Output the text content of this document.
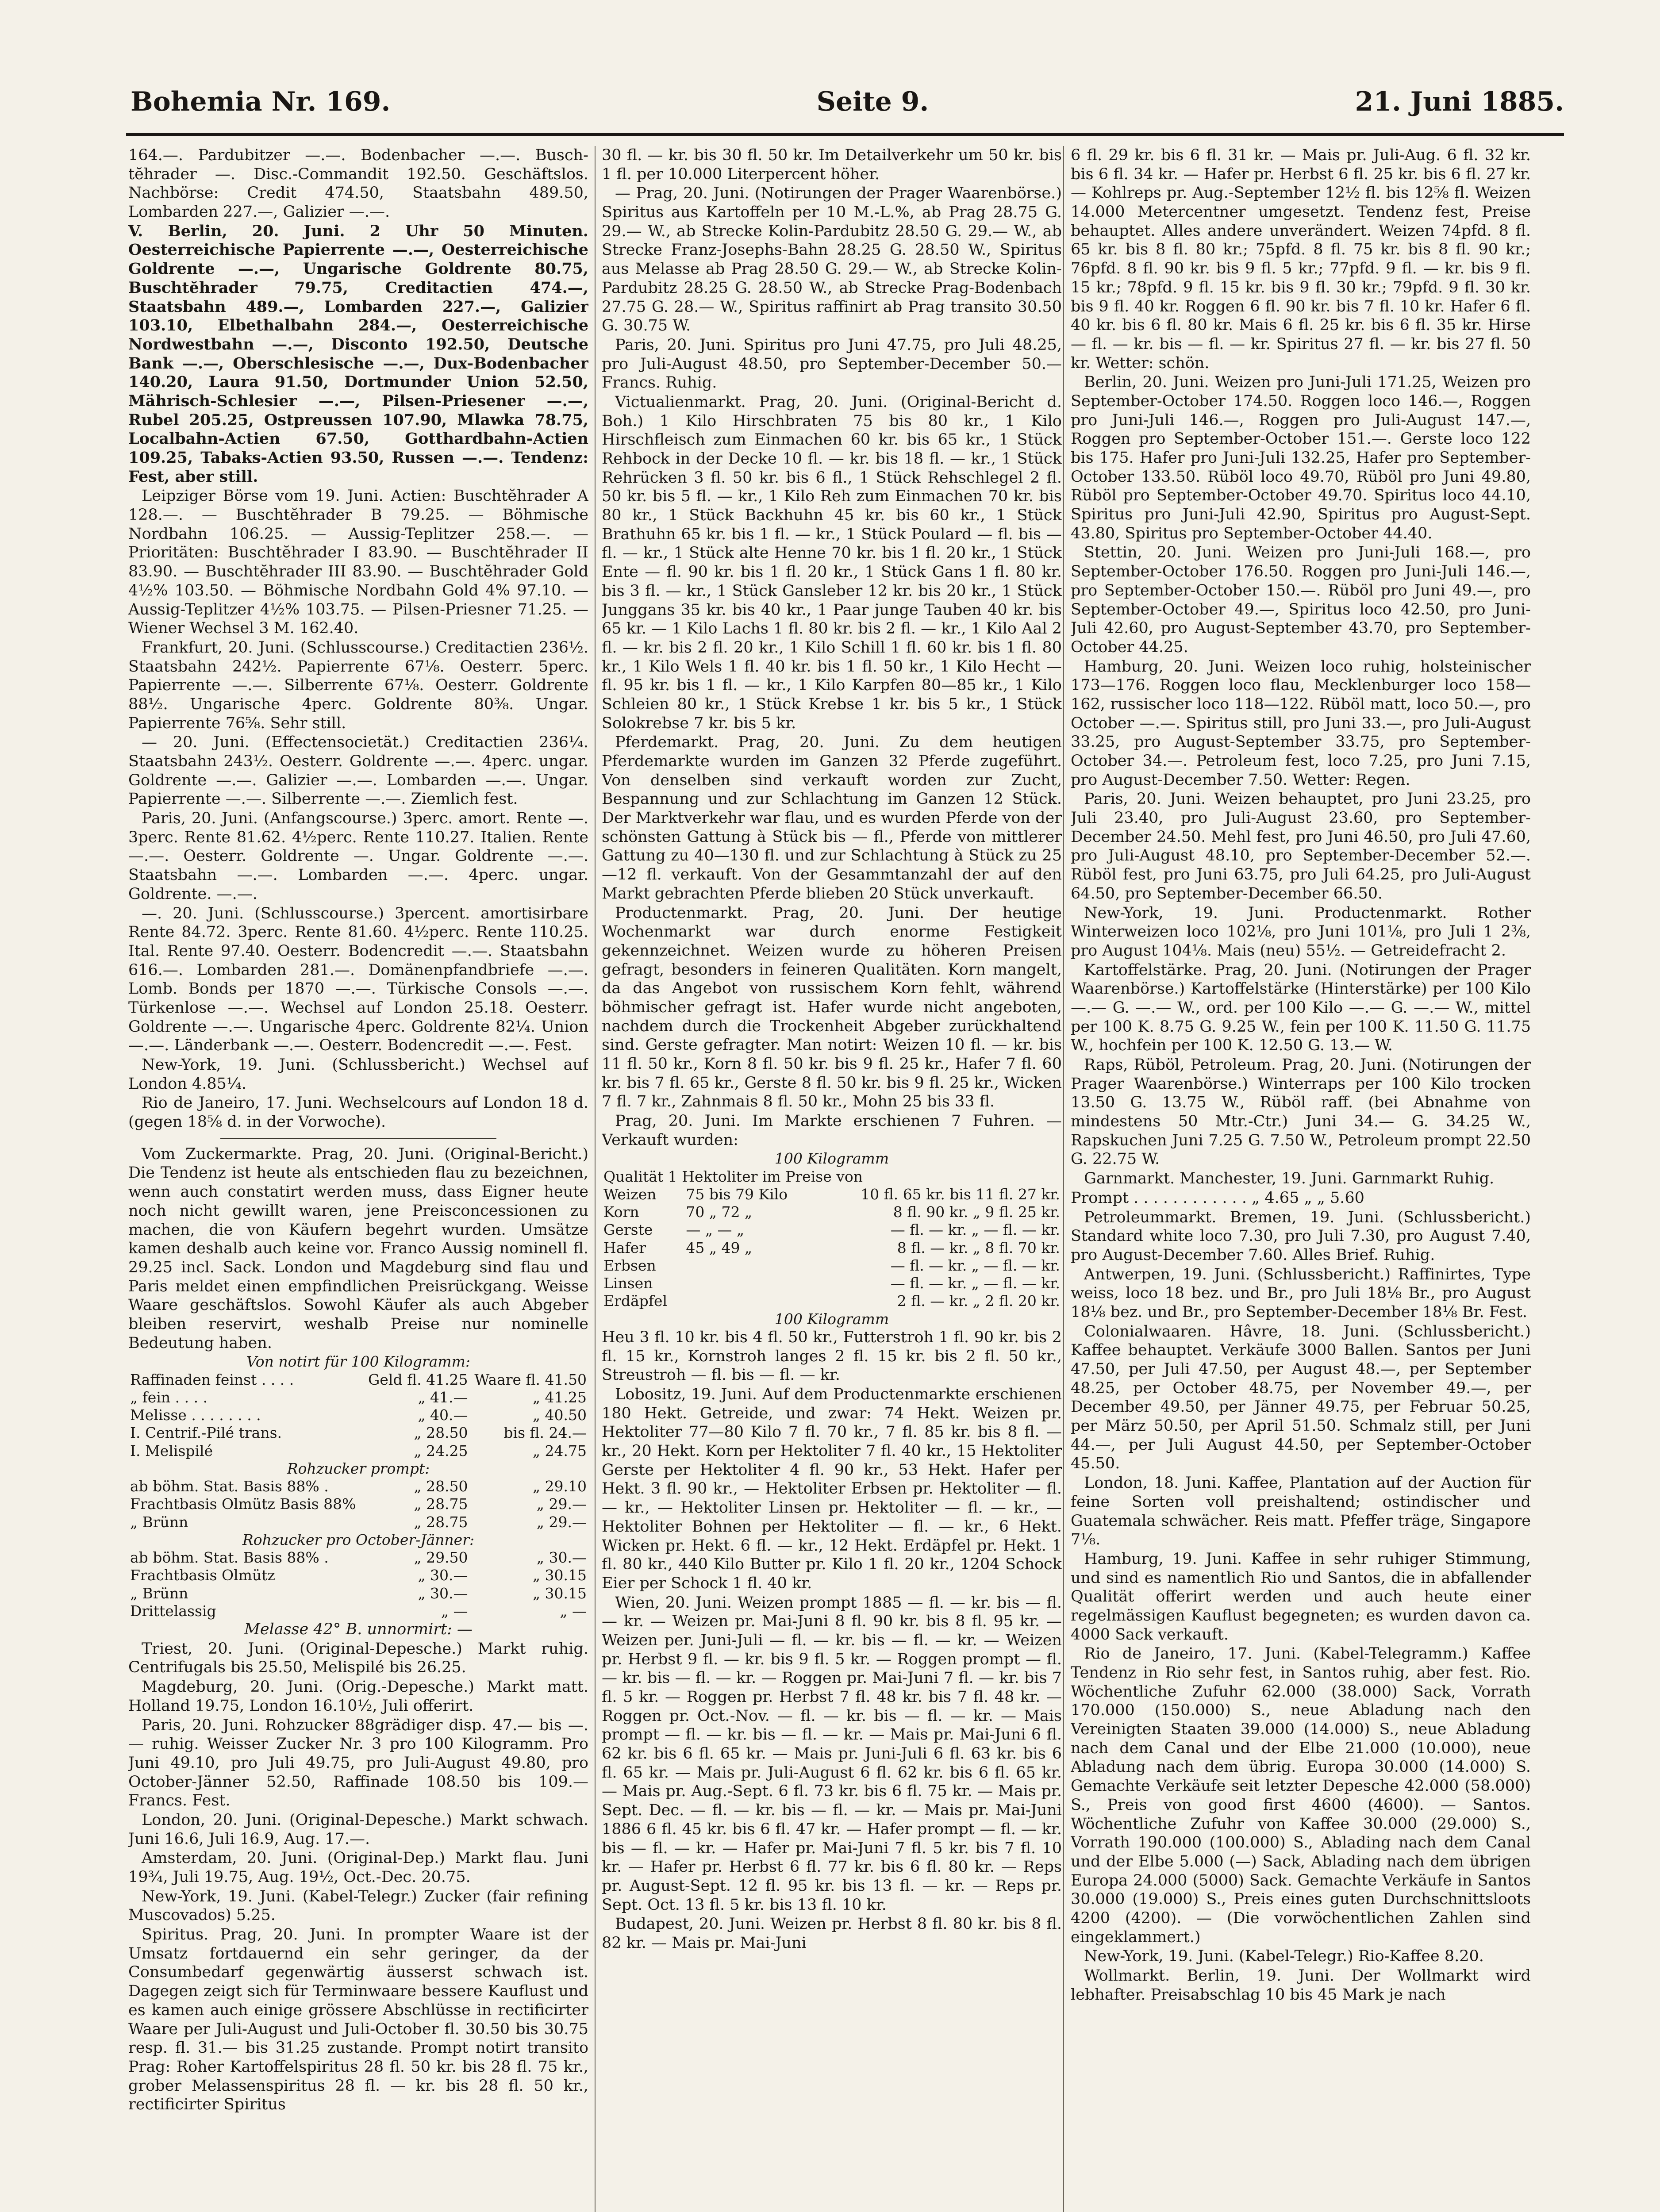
Bohemia Nr. 169.	Seite 9.	21. Juni 1885.

164.—. Pardubitzer —.—. Bodenbacher —.—. Busch-tĕhrader —. Disc.-Commandit 192.50. Geschäftslos. Nachbörse: Credit 474.50, Staatsbahn 489.50, Lombarden 227.—, Galizier —.—.

V. Berlin, 20. Juni. 2 Uhr 50 Minuten. Oesterreichische Papierrente —.—, Oesterreichische Goldrente —.—, Ungarische Goldrente 80.75, Buschtĕhrader 79.75, Creditactien 474.—, Staatsbahn 489.—, Lombarden 227.—, Galizier 103.10, Elbethalbahn 284.—, Oesterreichische Nordwestbahn —.—, Disconto 192.50, Deutsche Bank —.—, Oberschlesische —.—, Dux-Bodenbacher 140.20, Laura 91.50, Dortmunder Union 52.50, Mährisch-Schlesier —.—, Pilsen-Priesener —.—, Rubel 205.25, Ostpreussen 107.90, Mlawka 78.75, Localbahn-Actien 67.50, Gotthardbahn-Actien 109.25, Tabaks-Actien 93.50, Russen —.—. Tendenz: Fest, aber still.

Leipziger Börse vom 19. Juni. Actien: Buschtĕhrader A 128.—. — Buschtĕhrader B 79.25. — Böhmische Nordbahn 106.25. — Aussig-Teplitzer 258.—. — Prioritäten: Buschtĕhrader I 83.90. — Buschtĕhrader II 83.90. — Buschtĕhrader III 83.90. — Buschtĕhrader Gold 4½% 103.50. — Böhmische Nordbahn Gold 4% 97.10. — Aussig-Teplitzer 4½% 103.75. — Pilsen-Priesner 71.25. — Wiener Wechsel 3 M. 162.40.

Frankfurt, 20. Juni. (Schlusscourse.) Creditactien 236½. Staatsbahn 242½. Papierrente 67⅛. Oesterr. 5perc. Papierrente —.—. Silberrente 67⅛. Oesterr. Goldrente 88½. Ungarische 4perc. Goldrente 80⅜. Ungar. Papierrente 76⅝. Sehr still.

— 20. Juni. (Effectensocietät.) Creditactien 236¼. Staatsbahn 243½. Oesterr. Goldrente —.—. 4perc. ungar. Goldrente —.—. Galizier —.—. Lombarden —.—. Ungar. Papierrente —.—. Silberrente —.—. Ziemlich fest.

Paris, 20. Juni. (Anfangscourse.) 3perc. amort. Rente —. 3perc. Rente 81.62. 4½perc. Rente 110.27. Italien. Rente —.—. Oesterr. Goldrente —. Ungar. Goldrente —.—. Staatsbahn —.—. Lombarden —.—. 4perc. ungar. Goldrente. —.—.

—. 20. Juni. (Schlusscourse.) 3percent. amortisirbare Rente 84.72. 3perc. Rente 81.60. 4½perc. Rente 110.25. Ital. Rente 97.40. Oesterr. Bodencredit —.—. Staatsbahn 616.—. Lombarden 281.—. Domänenpfandbriefe —.—. Lomb. Bonds per 1870 —.—. Türkische Consols —.—. Türkenlose —.—. Wechsel auf London 25.18. Oesterr. Goldrente —.—. Ungarische 4perc. Goldrente 82¼. Union —.—. Länderbank —.—. Oesterr. Bodencredit —.—. Fest.

New-York, 19. Juni. (Schlussbericht.) Wechsel auf London 4.85¼.

Rio de Janeiro, 17. Juni. Wechselcours auf London 18 d. (gegen 18⅝ d. in der Vorwoche).

Vom Zuckermarkte. Prag, 20. Juni. (Original-Bericht.) Die Tendenz ist heute als entschieden flau zu bezeichnen, wenn auch constatirt werden muss, dass Eigner heute noch nicht gewillt waren, jene Preisconcessionen zu machen, die von Käufern begehrt wurden. Umsätze kamen deshalb auch keine vor. Franco Aussig nominell fl. 29.25 incl. Sack. London und Magdeburg sind flau und Paris meldet einen empfindlichen Preisrückgang. Weisse Waare geschäftslos. Sowohl Käufer als auch Abgeber bleiben reservirt, weshalb Preise nur nominelle Bedeutung haben.

Von notirt für 100 Kilogramm:		
Raffinaden feinst . . . .	Geld fl. 41.25	Waare fl. 41.50
„ fein . . . .	„ 41.—	„ 41.25
Melisse . . . . . . . .	„ 40.—	„ 40.50
I. Centrif.-Pilé trans.	„ 28.50	bis fl. 24.—
I. Melispilé	„ 24.25	„ 24.75
Rohzucker prompt:		
ab böhm. Stat. Basis 88% .	„ 28.50	„ 29.10
Frachtbasis Olmütz Basis 88%	„ 28.75	„ 29.—
„ Brünn	„ 28.75	„ 29.—
Rohzucker pro October-Jänner:		
ab böhm. Stat. Basis 88% .	„ 29.50	„ 30.—
Frachtbasis Olmütz	„ 30.—	„ 30.15
„ Brünn	„ 30.—	„ 30.15
Drittelassig	„ —	„ —

Melasse 42° B. unnormirt: —

Triest, 20. Juni. (Original-Depesche.) Markt ruhig. Centrifugals bis 25.50, Melispilé bis 26.25.

Magdeburg, 20. Juni. (Orig.-Depesche.) Markt matt. Holland 19.75, London 16.10½, Juli offerirt.

Paris, 20. Juni. Rohzucker 88grädiger disp. 47.— bis —. — ruhig. Weisser Zucker Nr. 3 pro 100 Kilogramm. Pro Juni 49.10, pro Juli 49.75, pro Juli-August 49.80, pro October-Jänner 52.50, Raffinade 108.50 bis 109.— Francs. Fest.

London, 20. Juni. (Original-Depesche.) Markt schwach. Juni 16.6, Juli 16.9, Aug. 17.—.

Amsterdam, 20. Juni. (Original-Dep.) Markt flau. Juni 19¾, Juli 19.75, Aug. 19½, Oct.-Dec. 20.75.

New-York, 19. Juni. (Kabel-Telegr.) Zucker (fair refining Muscovados) 5.25.

Spiritus. Prag, 20. Juni. In prompter Waare ist der Umsatz fortdauernd ein sehr geringer, da der Consumbedarf gegenwärtig äusserst schwach ist. Dagegen zeigt sich für Terminwaare bessere Kauflust und es kamen auch einige grössere Abschlüsse in rectificirter Waare per Juli-August und Juli-October fl. 30.50 bis 30.75 resp. fl. 31.— bis 31.25 zustande. Prompt notirt transito Prag: Roher Kartoffelspiritus 28 fl. 50 kr. bis 28 fl. 75 kr., grober Melassenspiritus 28 fl. — kr. bis 28 fl. 50 kr., rectificirter Spiritus

30 fl. — kr. bis 30 fl. 50 kr. Im Detailverkehr um 50 kr. bis 1 fl. per 10.000 Literpercent höher.

— Prag, 20. Juni. (Notirungen der Prager Waarenbörse.) Spiritus aus Kartoffeln per 10 M.-L.%, ab Prag 28.75 G. 29.— W., ab Strecke Kolin-Pardubitz 28.50 G. 29.— W., ab Strecke Franz-Josephs-Bahn 28.25 G. 28.50 W., Spiritus aus Melasse ab Prag 28.50 G. 29.— W., ab Strecke Kolin-Pardubitz 28.25 G. 28.50 W., ab Strecke Prag-Bodenbach 27.75 G. 28.— W., Spiritus raffinirt ab Prag transito 30.50 G. 30.75 W.

Paris, 20. Juni. Spiritus pro Juni 47.75, pro Juli 48.25, pro Juli-August 48.50, pro September-December 50.— Francs. Ruhig.

Victualienmarkt. Prag, 20. Juni. (Original-Bericht d. Boh.) 1 Kilo Hirschbraten 75 bis 80 kr., 1 Kilo Hirschfleisch zum Einmachen 60 kr. bis 65 kr., 1 Stück Rehbock in der Decke 10 fl. — kr. bis 18 fl. — kr., 1 Stück Rehrücken 3 fl. 50 kr. bis 6 fl., 1 Stück Rehschlegel 2 fl. 50 kr. bis 5 fl. — kr., 1 Kilo Reh zum Einmachen 70 kr. bis 80 kr., 1 Stück Backhuhn 45 kr. bis 60 kr., 1 Stück Brathuhn 65 kr. bis 1 fl. — kr., 1 Stück Poulard — fl. bis — fl. — kr., 1 Stück alte Henne 70 kr. bis 1 fl. 20 kr., 1 Stück Ente — fl. 90 kr. bis 1 fl. 20 kr., 1 Stück Gans 1 fl. 80 kr. bis 3 fl. — kr., 1 Stück Gansleber 12 kr. bis 20 kr., 1 Stück Junggans 35 kr. bis 40 kr., 1 Paar junge Tauben 40 kr. bis 65 kr. — 1 Kilo Lachs 1 fl. 80 kr. bis 2 fl. — kr., 1 Kilo Aal 2 fl. — kr. bis 2 fl. 20 kr., 1 Kilo Schill 1 fl. 60 kr. bis 1 fl. 80 kr., 1 Kilo Wels 1 fl. 40 kr. bis 1 fl. 50 kr., 1 Kilo Hecht — fl. 95 kr. bis 1 fl. — kr., 1 Kilo Karpfen 80—85 kr., 1 Kilo Schleien 80 kr., 1 Stück Krebse 1 kr. bis 5 kr., 1 Stück Solokrebse 7 kr. bis 5 kr.

Pferdemarkt. Prag, 20. Juni. Zu dem heutigen Pferdemarkte wurden im Ganzen 32 Pferde zugeführt. Von denselben sind verkauft worden zur Zucht, Bespannung und zur Schlachtung im Ganzen 12 Stück. Der Marktverkehr war flau, und es wurden Pferde von der schönsten Gattung à Stück bis — fl., Pferde von mittlerer Gattung zu 40—130 fl. und zur Schlachtung à Stück zu 25—12 fl. verkauft. Von der Gesammtanzahl der auf den Markt gebrachten Pferde blieben 20 Stück unverkauft.

Productenmarkt. Prag, 20. Juni. Der heutige Wochenmarkt war durch enorme Festigkeit gekennzeichnet. Weizen wurde zu höheren Preisen gefragt, besonders in feineren Qualitäten. Korn mangelt, da das Angebot von russischem Korn fehlt, während böhmischer gefragt ist. Hafer wurde nicht angeboten, nachdem durch die Trockenheit Abgeber zurückhaltend sind. Gerste gefragter. Man notirt: Weizen 10 fl. — kr. bis 11 fl. 50 kr., Korn 8 fl. 50 kr. bis 9 fl. 25 kr., Hafer 7 fl. 60 kr. bis 7 fl. 65 kr., Gerste 8 fl. 50 kr. bis 9 fl. 25 kr., Wicken 7 fl. 7 kr., Zahnmais 8 fl. 50 kr., Mohn 25 bis 33 fl.

Prag, 20. Juni. Im Markte erschienen 7 Fuhren. — Verkauft wurden:

100 Kilogramm		
Qualität 1 Hektoliter im Preise von		
Weizen	75 bis 79 Kilo	10 fl. 65 kr. bis 11 fl. 27 kr.
Korn	70 „ 72 „	8 fl. 90 kr. „ 9 fl. 25 kr.
Gerste	— „ — „	— fl. — kr. „ — fl. — kr.
Hafer	45 „ 49 „	8 fl. — kr. „ 8 fl. 70 kr.
Erbsen		— fl. — kr. „ — fl. — kr.
Linsen		— fl. — kr. „ — fl. — kr.
Erdäpfel		2 fl. — kr. „ 2 fl. 20 kr.
100 Kilogramm		

Heu 3 fl. 10 kr. bis 4 fl. 50 kr., Futterstroh 1 fl. 90 kr. bis 2 fl. 15 kr., Kornstroh langes 2 fl. 15 kr. bis 2 fl. 50 kr., Streustroh — fl. bis — fl. — kr.

Lobositz, 19. Juni. Auf dem Productenmarkte erschienen 180 Hekt. Getreide, und zwar: 74 Hekt. Weizen pr. Hektoliter 77—80 Kilo 7 fl. 70 kr., 7 fl. 85 kr. bis 8 fl. — kr., 20 Hekt. Korn per Hektoliter 7 fl. 40 kr., 15 Hektoliter Gerste per Hektoliter 4 fl. 90 kr., 53 Hekt. Hafer per Hekt. 3 fl. 90 kr., — Hektoliter Erbsen pr. Hektoliter — fl. — kr., — Hektoliter Linsen pr. Hektoliter — fl. — kr., — Hektoliter Bohnen per Hektoliter — fl. — kr., 6 Hekt. Wicken pr. Hekt. 6 fl. — kr., 12 Hekt. Erdäpfel pr. Hekt. 1 fl. 80 kr., 440 Kilo Butter pr. Kilo 1 fl. 20 kr., 1204 Schock Eier per Schock 1 fl. 40 kr.

Wien, 20. Juni. Weizen prompt 1885 — fl. — kr. bis — fl. — kr. — Weizen pr. Mai-Juni 8 fl. 90 kr. bis 8 fl. 95 kr. — Weizen per. Juni-Juli — fl. — kr. bis — fl. — kr. — Weizen pr. Herbst 9 fl. — kr. bis 9 fl. 5 kr. — Roggen prompt — fl. — kr. bis — fl. — kr. — Roggen pr. Mai-Juni 7 fl. — kr. bis 7 fl. 5 kr. — Roggen pr. Herbst 7 fl. 48 kr. bis 7 fl. 48 kr. — Roggen pr. Oct.-Nov. — fl. — kr. bis — fl. — kr. — Mais prompt — fl. — kr. bis — fl. — kr. — Mais pr. Mai-Juni 6 fl. 62 kr. bis 6 fl. 65 kr. — Mais pr. Juni-Juli 6 fl. 63 kr. bis 6 fl. 65 kr. — Mais pr. Juli-August 6 fl. 62 kr. bis 6 fl. 65 kr. — Mais pr. Aug.-Sept. 6 fl. 73 kr. bis 6 fl. 75 kr. — Mais pr. Sept. Dec. — fl. — kr. bis — fl. — kr. — Mais pr. Mai-Juni 1886 6 fl. 45 kr. bis 6 fl. 47 kr. — Hafer prompt — fl. — kr. bis — fl. — kr. — Hafer pr. Mai-Juni 7 fl. 5 kr. bis 7 fl. 10 kr. — Hafer pr. Herbst 6 fl. 77 kr. bis 6 fl. 80 kr. — Reps pr. August-Sept. 12 fl. 95 kr. bis 13 fl. — kr. — Reps pr. Sept. Oct. 13 fl. 5 kr. bis 13 fl. 10 kr.

Budapest, 20. Juni. Weizen pr. Herbst 8 fl. 80 kr. bis 8 fl. 82 kr. — Mais pr. Mai-Juni

6 fl. 29 kr. bis 6 fl. 31 kr. — Mais pr. Juli-Aug. 6 fl. 32 kr. bis 6 fl. 34 kr. — Hafer pr. Herbst 6 fl. 25 kr. bis 6 fl. 27 kr. — Kohlreps pr. Aug.-September 12½ fl. bis 12⅝ fl. Weizen 14.000 Metercentner umgesetzt. Tendenz fest, Preise behauptet. Alles andere unverändert. Weizen 74pfd. 8 fl. 65 kr. bis 8 fl. 80 kr.; 75pfd. 8 fl. 75 kr. bis 8 fl. 90 kr.; 76pfd. 8 fl. 90 kr. bis 9 fl. 5 kr.; 77pfd. 9 fl. — kr. bis 9 fl. 15 kr.; 78pfd. 9 fl. 15 kr. bis 9 fl. 30 kr.; 79pfd. 9 fl. 30 kr. bis 9 fl. 40 kr. Roggen 6 fl. 90 kr. bis 7 fl. 10 kr. Hafer 6 fl. 40 kr. bis 6 fl. 80 kr. Mais 6 fl. 25 kr. bis 6 fl. 35 kr. Hirse — fl. — kr. bis — fl. — kr. Spiritus 27 fl. — kr. bis 27 fl. 50 kr. Wetter: schön.

Berlin, 20. Juni. Weizen pro Juni-Juli 171.25, Weizen pro September-October 174.50. Roggen loco 146.—, Roggen pro Juni-Juli 146.—, Roggen pro Juli-August 147.—, Roggen pro September-October 151.—. Gerste loco 122 bis 175. Hafer pro Juni-Juli 132.25, Hafer pro September-October 133.50. Rüböl loco 49.70, Rüböl pro Juni 49.80, Rüböl pro September-October 49.70. Spiritus loco 44.10, Spiritus pro Juni-Juli 42.90, Spiritus pro August-Sept. 43.80, Spiritus pro September-October 44.40.

Stettin, 20. Juni. Weizen pro Juni-Juli 168.—, pro September-October 176.50. Roggen pro Juni-Juli 146.—, pro September-October 150.—. Rüböl pro Juni 49.—, pro September-October 49.—, Spiritus loco 42.50, pro Juni-Juli 42.60, pro August-September 43.70, pro September-October 44.25.

Hamburg, 20. Juni. Weizen loco ruhig, holsteinischer 173—176. Roggen loco flau, Mecklenburger loco 158—162, russischer loco 118—122. Rüböl matt, loco 50.—, pro October —.—. Spiritus still, pro Juni 33.—, pro Juli-August 33.25, pro August-September 33.75, pro September-October 34.—. Petroleum fest, loco 7.25, pro Juni 7.15, pro August-December 7.50. Wetter: Regen.

Paris, 20. Juni. Weizen behauptet, pro Juni 23.25, pro Juli 23.40, pro Juli-August 23.60, pro September-December 24.50. Mehl fest, pro Juni 46.50, pro Juli 47.60, pro Juli-August 48.10, pro September-December 52.—. Rüböl fest, pro Juni 63.75, pro Juli 64.25, pro Juli-August 64.50, pro September-December 66.50.

New-York, 19. Juni. Productenmarkt. Rother Winterweizen loco 102⅛, pro Juni 101⅛, pro Juli 1 2⅜, pro August 104⅛. Mais (neu) 55½. — Getreidefracht 2.

Kartoffelstärke. Prag, 20. Juni. (Notirungen der Prager Waarenbörse.) Kartoffelstärke (Hinterstärke) per 100 Kilo —.— G. —.— W., ord. per 100 Kilo —.— G. —.— W., mittel per 100 K. 8.75 G. 9.25 W., fein per 100 K. 11.50 G. 11.75 W., hochfein per 100 K. 12.50 G. 13.— W.

Raps, Rüböl, Petroleum. Prag, 20. Juni. (Notirungen der Prager Waarenbörse.) Winterraps per 100 Kilo trocken 13.50 G. 13.75 W., Rüböl raff. (bei Abnahme von mindestens 50 Mtr.-Ctr.) Juni 34.— G. 34.25 W., Rapskuchen Juni 7.25 G. 7.50 W., Petroleum prompt 22.50 G. 22.75 W.

Garnmarkt. Manchester, 19. Juni. Garnmarkt Ruhig.

Prompt . . . . . . . . . . . . „ 4.65 „ „ 5.60

Petroleummarkt. Bremen, 19. Juni. (Schlussbericht.) Standard white loco 7.30, pro Juli 7.30, pro August 7.40, pro August-December 7.60. Alles Brief. Ruhig.

Antwerpen, 19. Juni. (Schlussbericht.) Raffinirtes, Type weiss, loco 18 bez. und Br., pro Juli 18⅛ Br., pro August 18⅛ bez. und Br., pro September-December 18⅛ Br. Fest.

Colonialwaaren. Hâvre, 18. Juni. (Schlussbericht.) Kaffee behauptet. Verkäufe 3000 Ballen. Santos per Juni 47.50, per Juli 47.50, per August 48.—, per September 48.25, per October 48.75, per November 49.—, per December 49.50, per Jänner 49.75, per Februar 50.25, per März 50.50, per April 51.50. Schmalz still, per Juni 44.—, per Juli August 44.50, per September-October 45.50.

London, 18. Juni. Kaffee, Plantation auf der Auction für feine Sorten voll preishaltend; ostindischer und Guatemala schwächer. Reis matt. Pfeffer träge, Singapore 7⅛.

Hamburg, 19. Juni. Kaffee in sehr ruhiger Stimmung, und sind es namentlich Rio und Santos, die in abfallender Qualität offerirt werden und auch heute einer regelmässigen Kauflust begegneten; es wurden davon ca. 4000 Sack verkauft.

Rio de Janeiro, 17. Juni. (Kabel-Telegramm.) Kaffee Tendenz in Rio sehr fest, in Santos ruhig, aber fest. Rio. Wöchentliche Zufuhr 62.000 (38.000) Sack, Vorrath 170.000 (150.000) S., neue Abladung nach den Vereinigten Staaten 39.000 (14.000) S., neue Abladung nach dem Canal und der Elbe 21.000 (10.000), neue Abladung nach dem übrig. Europa 30.000 (14.000) S. Gemachte Verkäufe seit letzter Depesche 42.000 (58.000) S., Preis von good first 4600 (4600). — Santos. Wöchentliche Zufuhr von Kaffee 30.000 (29.000) S., Vorrath 190.000 (100.000) S., Ablading nach dem Canal und der Elbe 5.000 (—) Sack, Ablading nach dem übrigen Europa 24.000 (5000) Sack. Gemachte Verkäufe in Santos 30.000 (19.000) S., Preis eines guten Durchschnittsloots 4200 (4200). — (Die vorwöchentlichen Zahlen sind eingeklammert.)

New-York, 19. Juni. (Kabel-Telegr.) Rio-Kaffee 8.20.

Wollmarkt. Berlin, 19. Juni. Der Wollmarkt wird lebhafter. Preisabschlag 10 bis 45 Mark je nach
